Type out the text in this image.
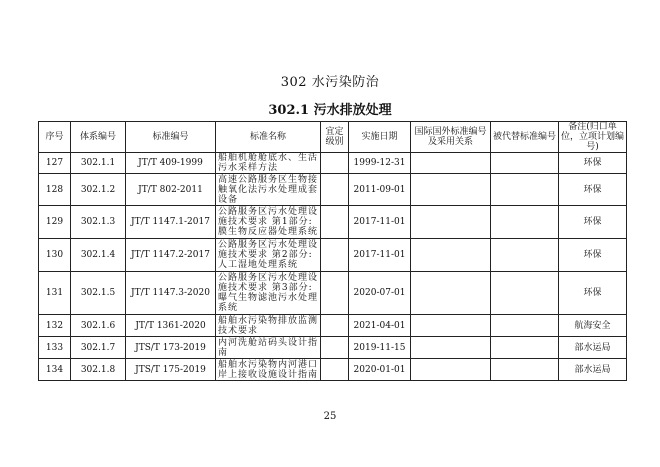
302 水污染防治
302.1 污水排放处理
序号	体系编号	标准编号	标准名称	宜定级别	实施日期	国际国外标准编号及采用关系	被代替标准编号	备注(归口单位，立项计划编号)
127	302.1.1	JT/T 409-1999	船舶机舱舱底水、生活污水采样方法		1999-12-31			环保
128	302.1.2	JT/T 802-2011	高速公路服务区生物接触氧化法污水处理成套设备		2011-09-01			环保
129	302.1.3	JT/T 1147.1-2017	公路服务区污水处理设施技术要求 第1部分:膜生物反应器处理系统		2017-11-01			环保
130	302.1.4	JT/T 1147.2-2017	公路服务区污水处理设施技术要求 第2部分:人工湿地处理系统		2017-11-01			环保
131	302.1.5	JT/T 1147.3-2020	公路服务区污水处理设施技术要求 第3部分:曝气生物滤池污水处理系统		2020-07-01			环保
132	302.1.6	JT/T 1361-2020	船舶水污染物排放监测技术要求		2021-04-01			航海安全
133	302.1.7	JTS/T 173-2019	内河洗舱站码头设计指南		2019-11-15			部水运局
134	302.1.8	JTS/T 175-2019	船舶水污染物内河港口岸上接收设施设计指南		2020-01-01			部水运局
25
